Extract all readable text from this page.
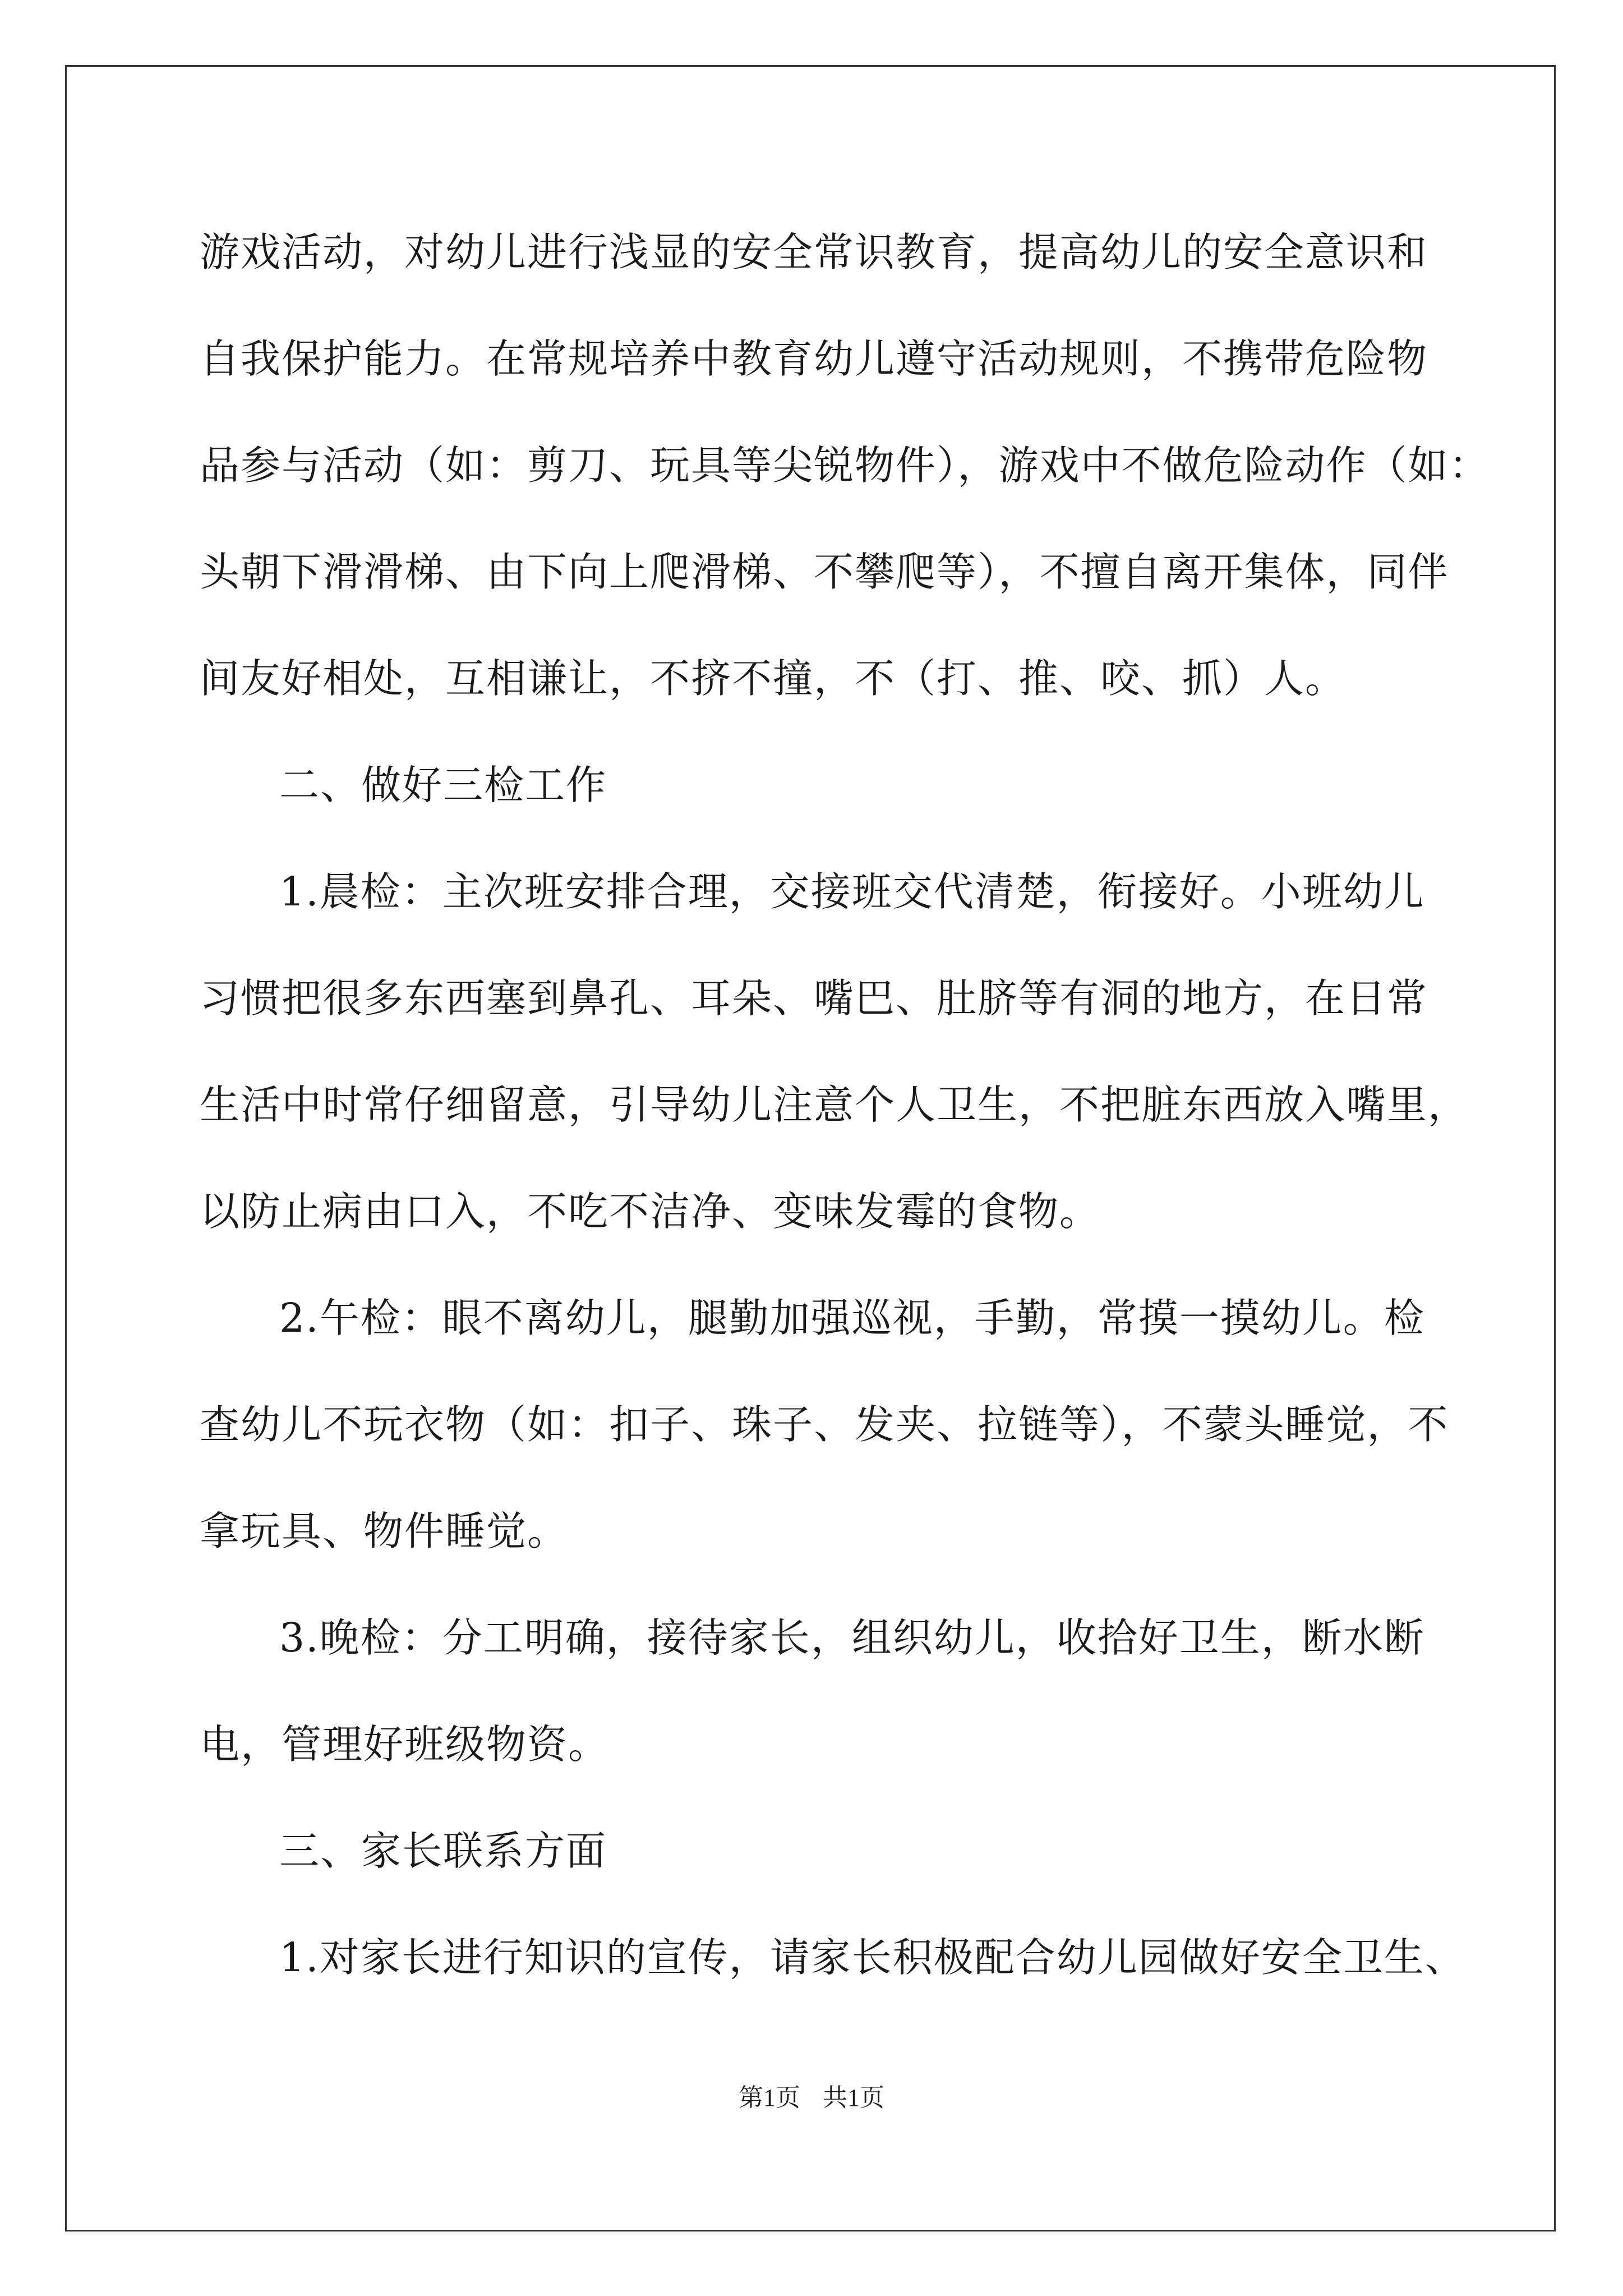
游戏活动，对幼儿进行浅显的安全常识教育，提高幼儿的安全意识和
自我保护能力。在常规培养中教育幼儿遵守活动规则，不携带危险物
品参与活动（如：剪刀、玩具等尖锐物件），游戏中不做危险动作（如：
头朝下滑滑梯、由下向上爬滑梯、不攀爬等），不擅自离开集体，同伴
间友好相处，互相谦让，不挤不撞，不（打、推、咬、抓）人。
二、做好三检工作
1.晨检：主次班安排合理，交接班交代清楚，衔接好。小班幼儿
习惯把很多东西塞到鼻孔、耳朵、嘴巴、肚脐等有洞的地方，在日常
生活中时常仔细留意，引导幼儿注意个人卫生，不把脏东西放入嘴里，
以防止病由口入，不吃不洁净、变味发霉的食物。
2.午检：眼不离幼儿，腿勤加强巡视，手勤，常摸一摸幼儿。检
查幼儿不玩衣物（如：扣子、珠子、发夹、拉链等），不蒙头睡觉，不
拿玩具、物件睡觉。
3.晚检：分工明确，接待家长，组织幼儿，收拾好卫生，断水断
电，管理好班级物资。
三、家长联系方面
1.对家长进行知识的宣传，请家长积极配合幼儿园做好安全卫生、
第1页 共1页
